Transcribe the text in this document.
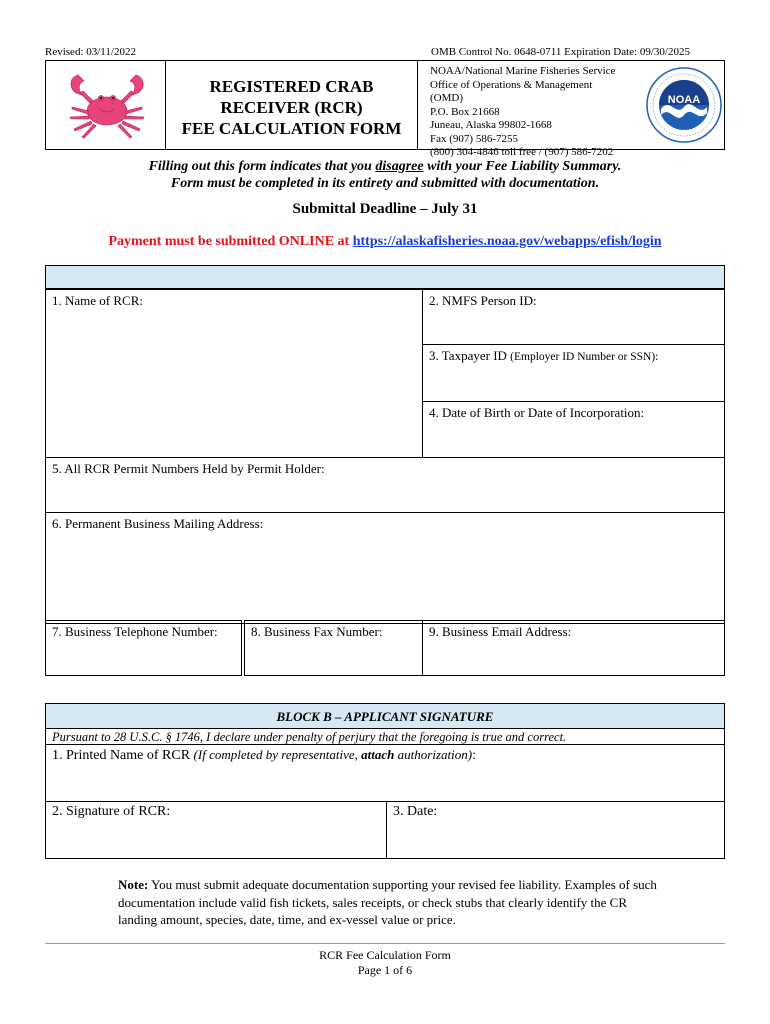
Revised: 03/11/2022	OMB Control No. 0648-0711 Expiration Date: 09/30/2025
REGISTERED CRAB
RECEIVER (RCR)
FEE CALCULATION FORM
NOAA/National Marine Fisheries Service
Office of Operations & Management (OMD)
P.O. Box 21668
Juneau, Alaska 99802-1668
Fax (907) 586-7255
(800) 304-4846 toll free / (907) 586-7202
NOAA
Filling out this form indicates that you disagree with your Fee Liability Summary.
Form must be completed in its entirety and submitted with documentation.
Submittal Deadline – July 31
Payment must be submitted ONLINE at https://alaskafisheries.noaa.gov/webapps/efish/login
1. Name of RCR:	2. NMFS Person ID:
3. Taxpayer ID (Employer ID Number or SSN):
4. Date of Birth or Date of Incorporation:
5. All RCR Permit Numbers Held by Permit Holder:
6. Permanent Business Mailing Address:
7. Business Telephone Number:	8. Business Fax Number:	9. Business Email Address:
BLOCK B – APPLICANT SIGNATURE
Pursuant to 28 U.S.C. § 1746, I declare under penalty of perjury that the foregoing is true and correct.
1. Printed Name of RCR (If completed by representative, attach authorization):
2. Signature of RCR:	3. Date:
Note: You must submit adequate documentation supporting your revised fee liability. Examples of such documentation include valid fish tickets, sales receipts, or check stubs that clearly identify the CR landing amount, species, date, time, and ex-vessel value or price.
RCR Fee Calculation Form
Page 1 of 6
